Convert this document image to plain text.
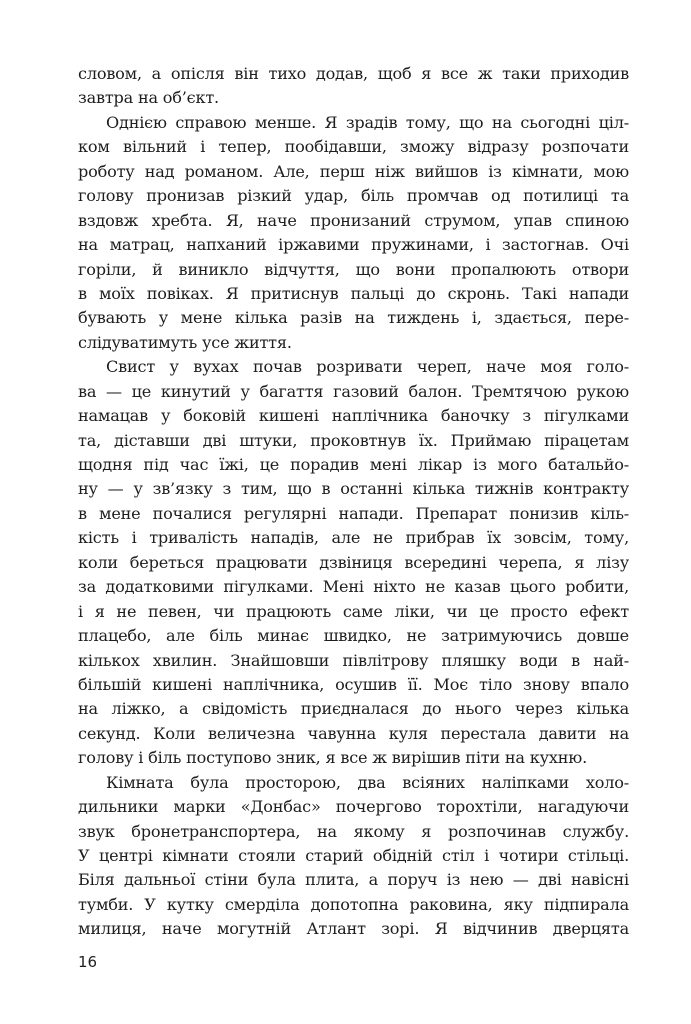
словом, а опісля він тихо додав, щоб я все ж таки приходив
завтра на об’єкт.
Однією справою менше. Я зрадів тому, що на сьогодні ціл-
ком вільний і тепер, пообідавши, зможу відразу розпочати
роботу над романом. Але, перш ніж вийшов із кімнати, мою
голову пронизав різкий удар, біль промчав од потилиці та
вздовж хребта. Я, наче пронизаний струмом, упав спиною
на матрац, напханий іржавими пружинами, і застогнав. Очі
горіли, й виникло відчуття, що вони пропалюють отвори
в моїх повіках. Я притиснув пальці до скронь. Такі напади
бувають у мене кілька разів на тиждень і, здається, пере-
слідуватимуть усе життя.
Свист у вухах почав розривати череп, наче моя голо-
ва — це кинутий у багаття газовий балон. Тремтячою рукою
намацав у боковій кишені наплічника баночку з пігулками
та, діставши дві штуки, проковтнув їх. Приймаю пірацетам
щодня під час їжі, це порадив мені лікар із мого батальйо-
ну — у зв’язку з тим, що в останні кілька тижнів контракту
в мене почалися регулярні напади. Препарат понизив кіль-
кість і тривалість нападів, але не прибрав їх зовсім, тому,
коли береться працювати дзвіниця всередині черепа, я лізу
за додатковими пігулками. Мені ніхто не казав цього робити,
і я не певен, чи працюють саме ліки, чи це просто ефект
плацебо, але біль минає швидко, не затримуючись довше
кількох хвилин. Знайшовши півлітрову пляшку води в най-
більшій кишені наплічника, осушив її. Моє тіло знову впало
на ліжко, а свідомість приєдналася до нього через кілька
секунд. Коли величезна чавунна куля перестала давити на
голову і біль поступово зник, я все ж вирішив піти на кухню.
Кімната була просторою, два всіяних наліпками холо-
дильники марки «Донбас» почергово торохтіли, нагадуючи
звук бронетранспортера, на якому я розпочинав службу.
У центрі кімнати стояли старий обідній стіл і чотири стільці.
Біля дальньої стіни була плита, а поруч із нею — дві навісні
тумби. У кутку смерділа допотопна раковина, яку підпирала
милиця, наче могутній Атлант зорі. Я відчинив дверцята
16
